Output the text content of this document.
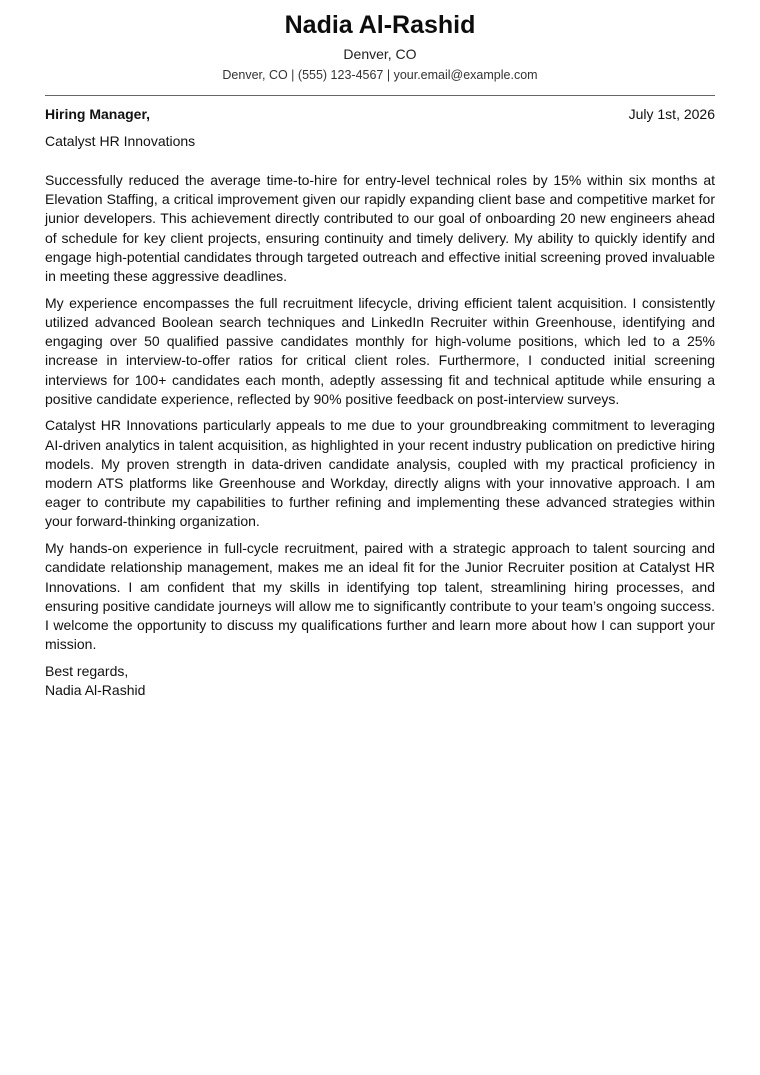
Nadia Al-Rashid
Denver, CO
Denver, CO | (555) 123-4567 | your.email@example.com
Hiring Manager,	July 1st, 2026
Catalyst HR Innovations

Successfully reduced the average time-to-hire for entry-level technical roles by 15% within six months at Elevation Staffing, a critical improvement given our rapidly expanding client base and competitive market for junior developers. This achievement directly contributed to our goal of onboarding 20 new engineers ahead of schedule for key client projects, ensuring continuity and timely delivery. My ability to quickly identify and engage high-potential candidates through targeted outreach and effective initial screening proved invaluable in meeting these aggressive deadlines.

My experience encompasses the full recruitment lifecycle, driving efficient talent acquisition. I consistently utilized advanced Boolean search techniques and LinkedIn Recruiter within Greenhouse, identifying and engaging over 50 qualified passive candidates monthly for high-volume positions, which led to a 25% increase in interview-to-offer ratios for critical client roles. Furthermore, I conducted initial screening interviews for 100+ candidates each month, adeptly assessing fit and technical aptitude while ensuring a positive candidate experience, reflected by 90% positive feedback on post-interview surveys.

Catalyst HR Innovations particularly appeals to me due to your groundbreaking commitment to leveraging AI-driven analytics in talent acquisition, as highlighted in your recent industry publication on predictive hiring models. My proven strength in data-driven candidate analysis, coupled with my practical proficiency in modern ATS platforms like Greenhouse and Workday, directly aligns with your innovative approach. I am eager to contribute my capabilities to further refining and implementing these advanced strategies within your forward-thinking organization.

My hands-on experience in full-cycle recruitment, paired with a strategic approach to talent sourcing and candidate relationship management, makes me an ideal fit for the Junior Recruiter position at Catalyst HR Innovations. I am confident that my skills in identifying top talent, streamlining hiring processes, and ensuring positive candidate journeys will allow me to significantly contribute to your team’s ongoing success. I welcome the opportunity to discuss my qualifications further and learn more about how I can support your mission.

Best regards,
Nadia Al-Rashid
